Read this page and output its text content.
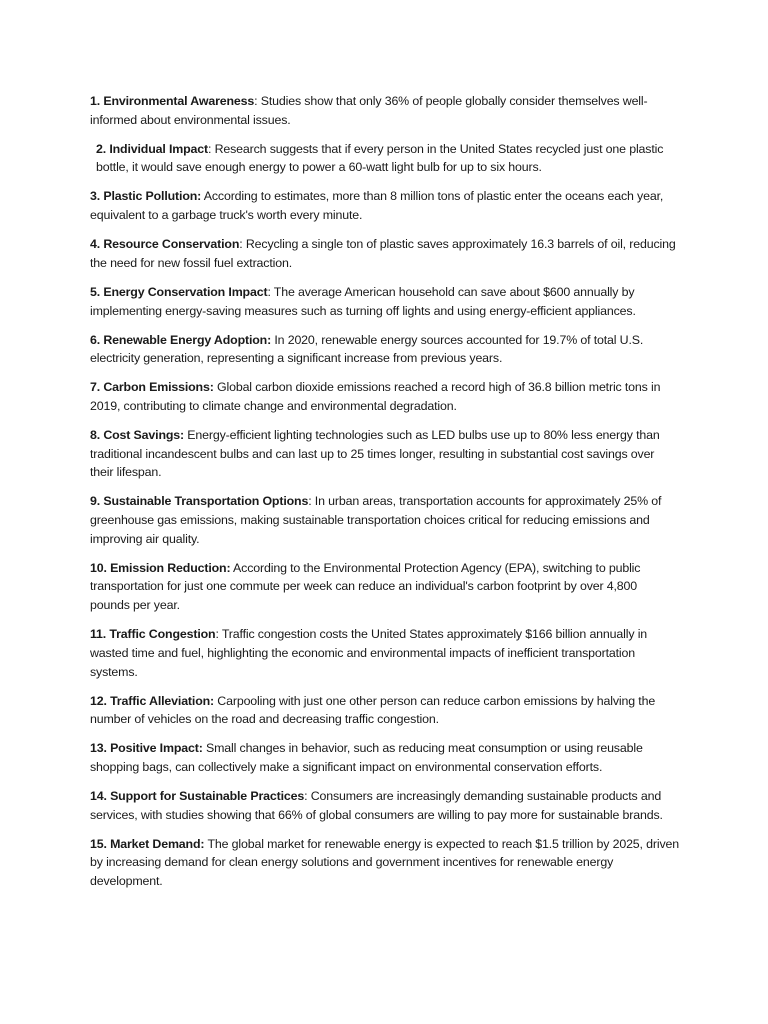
1. Environmental Awareness: Studies show that only 36% of people globally consider themselves well-informed about environmental issues.

2. Individual Impact: Research suggests that if every person in the United States recycled just one plastic bottle, it would save enough energy to power a 60-watt light bulb for up to six hours.

3. Plastic Pollution: According to estimates, more than 8 million tons of plastic enter the oceans each year, equivalent to a garbage truck's worth every minute.

4. Resource Conservation: Recycling a single ton of plastic saves approximately 16.3 barrels of oil, reducing the need for new fossil fuel extraction.

5. Energy Conservation Impact: The average American household can save about $600 annually by implementing energy-saving measures such as turning off lights and using energy-efficient appliances.

6. Renewable Energy Adoption: In 2020, renewable energy sources accounted for 19.7% of total U.S. electricity generation, representing a significant increase from previous years.

7. Carbon Emissions: Global carbon dioxide emissions reached a record high of 36.8 billion metric tons in 2019, contributing to climate change and environmental degradation.

8. Cost Savings: Energy-efficient lighting technologies such as LED bulbs use up to 80% less energy than traditional incandescent bulbs and can last up to 25 times longer, resulting in substantial cost savings over their lifespan.

9. Sustainable Transportation Options: In urban areas, transportation accounts for approximately 25% of greenhouse gas emissions, making sustainable transportation choices critical for reducing emissions and improving air quality.

10. Emission Reduction: According to the Environmental Protection Agency (EPA), switching to public transportation for just one commute per week can reduce an individual's carbon footprint by over 4,800 pounds per year.

11. Traffic Congestion: Traffic congestion costs the United States approximately $166 billion annually in wasted time and fuel, highlighting the economic and environmental impacts of inefficient transportation systems.

12. Traffic Alleviation: Carpooling with just one other person can reduce carbon emissions by halving the number of vehicles on the road and decreasing traffic congestion.

13. Positive Impact: Small changes in behavior, such as reducing meat consumption or using reusable shopping bags, can collectively make a significant impact on environmental conservation efforts.

14. Support for Sustainable Practices: Consumers are increasingly demanding sustainable products and services, with studies showing that 66% of global consumers are willing to pay more for sustainable brands.

15. Market Demand: The global market for renewable energy is expected to reach $1.5 trillion by 2025, driven by increasing demand for clean energy solutions and government incentives for renewable energy development.
